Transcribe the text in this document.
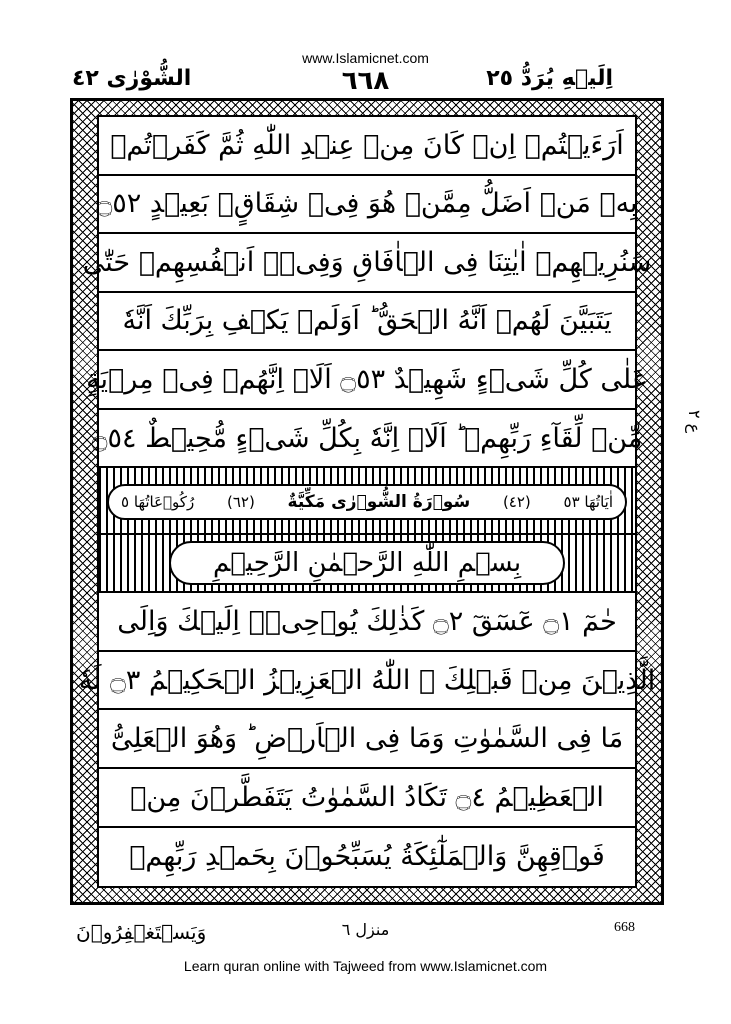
www.Islamicnet.com
اِلَيۡهِ يُرَدُّ ٢٥
٦٦٨
الشُّوْرٰى ٤٢
اَرَءَيۡتُمۡ اِنۡ كَانَ مِنۡ عِنۡدِ اللّٰهِ ثُمَّ كَفَرۡتُمۡ
بِهٖ مَنۡ اَضَلُّ مِمَّنۡ هُوَ فِىۡ شِقَاقٍۢ بَعِيۡدٍ ۝٥٢
سَنُرِيۡهِمۡ اٰيٰتِنَا فِى الۡاٰفَاقِ وَفِىۡۤ اَنۡفُسِهِمۡ حَتّٰى
يَتَبَيَّنَ لَهُمۡ اَنَّهُ الۡحَقُّ ؕ اَوَلَمۡ يَكۡفِ بِرَبِّكَ اَنَّهٗ
عَلٰى كُلِّ شَىۡءٍ شَهِيۡدٌ ۝٥٣ اَلَاۤ اِنَّهُمۡ فِىۡ مِرۡيَةٍ
مِّنۡ لِّقَآءِ رَبِّهِمۡ ؕ اَلَاۤ اِنَّهٗ بِكُلِّ شَىۡءٍ مُّحِيۡطٌ ۝٥٤
اٰيَاتُهَا ٥٣
(٤٢)
سُوۡرَةُ الشُّوۡرٰى مَكِّيَّةٌ
(٦٢)
رُكُوۡعَاتُهَا ٥
بِسۡمِ اللّٰهِ الرَّحۡمٰنِ الرَّحِيۡمِ
حٰمٓ ۝١ عٓسٓقٓ ۝٢ كَذٰلِكَ يُوۡحِىۡۤ اِلَيۡكَ وَاِلَى
الَّذِيۡنَ مِنۡ قَبۡلِكَ ۙ اللّٰهُ الۡعَزِيۡزُ الۡحَكِيۡمُ ۝٣ لَهٗ
مَا فِى السَّمٰوٰتِ وَمَا فِى الۡاَرۡضِ ؕ وَهُوَ الۡعَلِىُّ
الۡعَظِيۡمُ ۝٤ تَكَادُ السَّمٰوٰتُ يَتَفَطَّرۡنَ مِنۡ
فَوۡقِهِنَّ وَالۡمَلٰٓئِكَةُ يُسَبِّحُوۡنَ بِحَمۡدِ رَبِّهِمۡ
ع ٢
وَيَسۡتَغۡفِرُوۡنَ	منزل ٦	668
Learn quran online with Tajweed from www.Islamicnet.com
